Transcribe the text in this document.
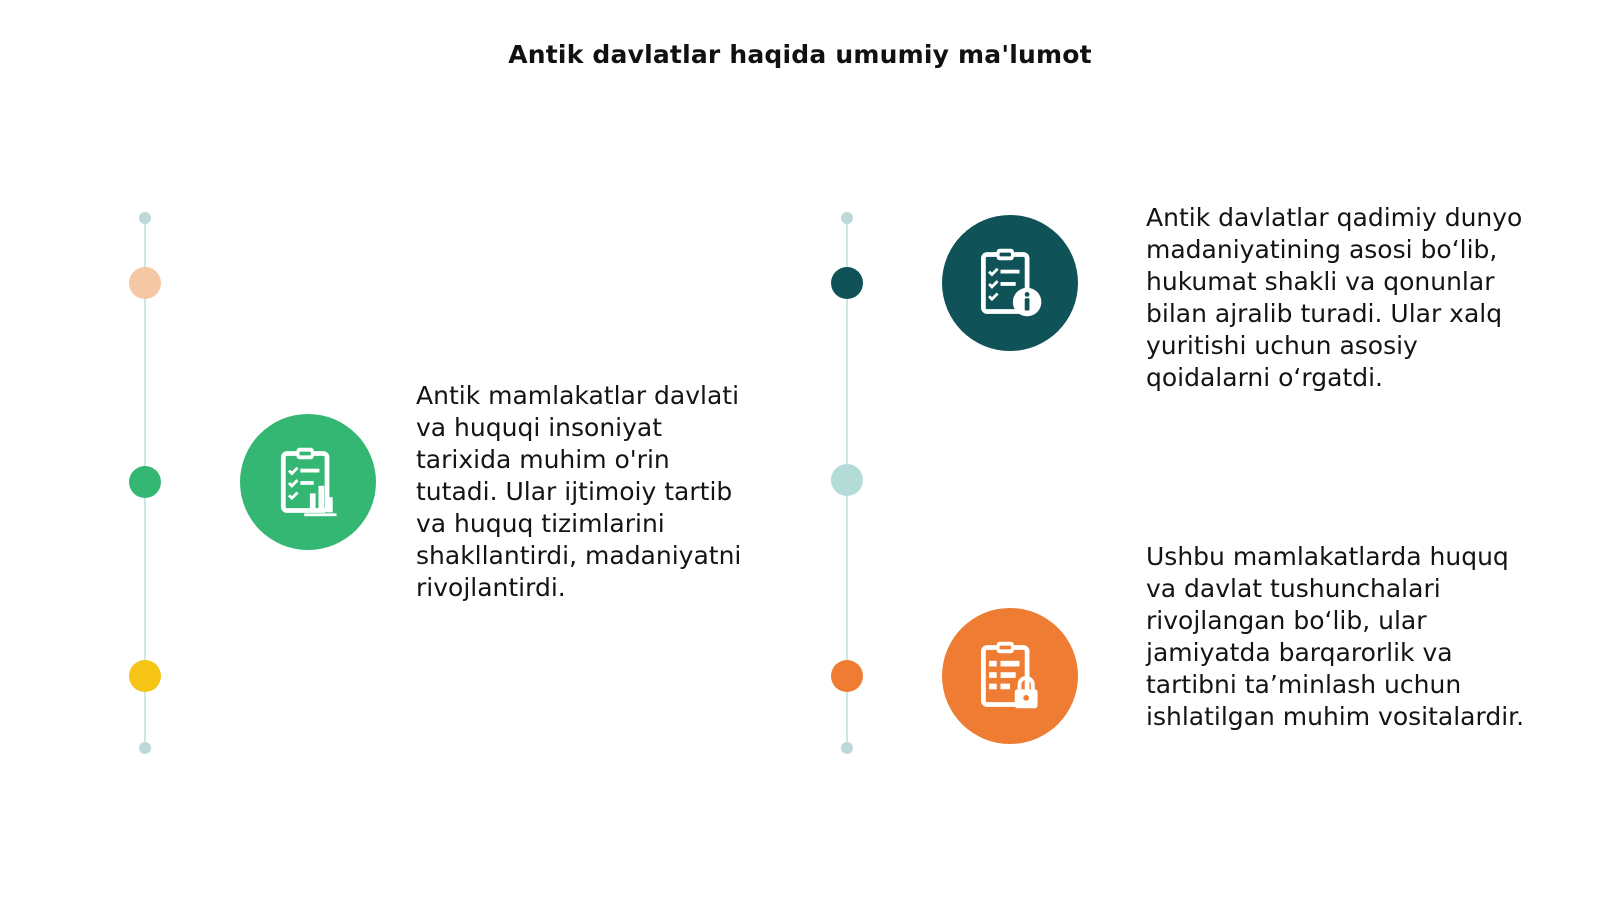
Antik davlatlar haqida umumiy ma'lumot
Antik mamlakatlar davlati va huquqi insoniyat tarixida muhim o'rin tutadi. Ular ijtimoiy tartib va huquq tizimlarini shakllantirdi, madaniyatni rivojlantirdi.
Antik davlatlar qadimiy dunyo madaniyatining asosi bo‘lib, hukumat shakli va qonunlar bilan ajralib turadi. Ular xalq yuritishi uchun asosiy qoidalarni o‘rgatdi.
Ushbu mamlakatlarda huquq va davlat tushunchalari rivojlangan bo‘lib, ular jamiyatda barqarorlik va tartibni ta’minlash uchun ishlatilgan muhim vositalardir.
